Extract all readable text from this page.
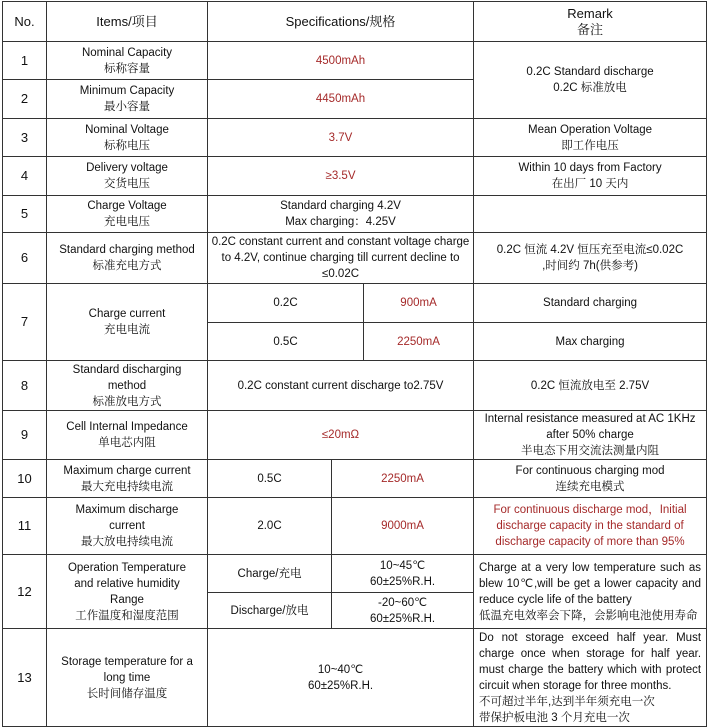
No.	Items/项目	Specifications/规格			Remark
备注

1	Nominal Capacity
标称容量	4500mAh			0.2C Standard discharge
0.2C 标准放电

2	Minimum Capacity
最小容量	4450mAh			
3	Nominal Voltage
标称电压	3.7V			Mean Operation Voltage
即工作电压

4	Delivery voltage
交货电压	≥3.5V			Within 10 days from Factory
在出厂 10 天内

5	Charge Voltage
充电电压	Standard charging 4.2V
Max charging：4.25V			

6	Standard charging method
标准充电方式	0.2C constant current and constant voltage charge to 4.2V, continue charging till current decline to ≤0.02C			0.2C 恒流 4.2V 恒压充至电流≤0.02C
,时间约 7h(供参考)

7	Charge current
充电电流	0.2C		900mA	Standard charging
		0.5C		2250mA	Max charging
8	Standard discharging
method
标准放电方式	0.2C constant current discharge to2.75V			0.2C 恒流放电至 2.75V
9	Cell Internal Impedance
单电芯内阻	≤20mΩ			Internal resistance measured at AC 1KHz
after 50% charge
半电态下用交流法测量内阻

10	Maximum charge current
最大充电持续电流	0.5C	2250mA		For continuous charging mod
连续充电模式

11	Maximum discharge
current
最大放电持续电流	2.0C	9000mA		For continuous discharge mod，Initial
discharge capacity in the standard of
discharge capacity of more than 95%

12	Operation Temperature
and relative humidity
Range
工作温度和湿度范围	Charge/充电	10~45℃
60±25%R.H.		Charge at a very low temperature such as blew 10℃,will be get a lower capacity and reduce cycle life of the battery
低温充电效率会下降，会影响电池使用寿命

		Discharge/放电	-20~60℃
60±25%R.H.		

13	Storage temperature for a long time
长时间储存温度	10~40℃
60±25%R.H.			Do not storage exceed half year. Must charge once when storage for half year. must charge the battery which with protect circuit when storage for three months.
不可超过半年,达到半年须充电一次
带保护板电池 3 个月充电一次
